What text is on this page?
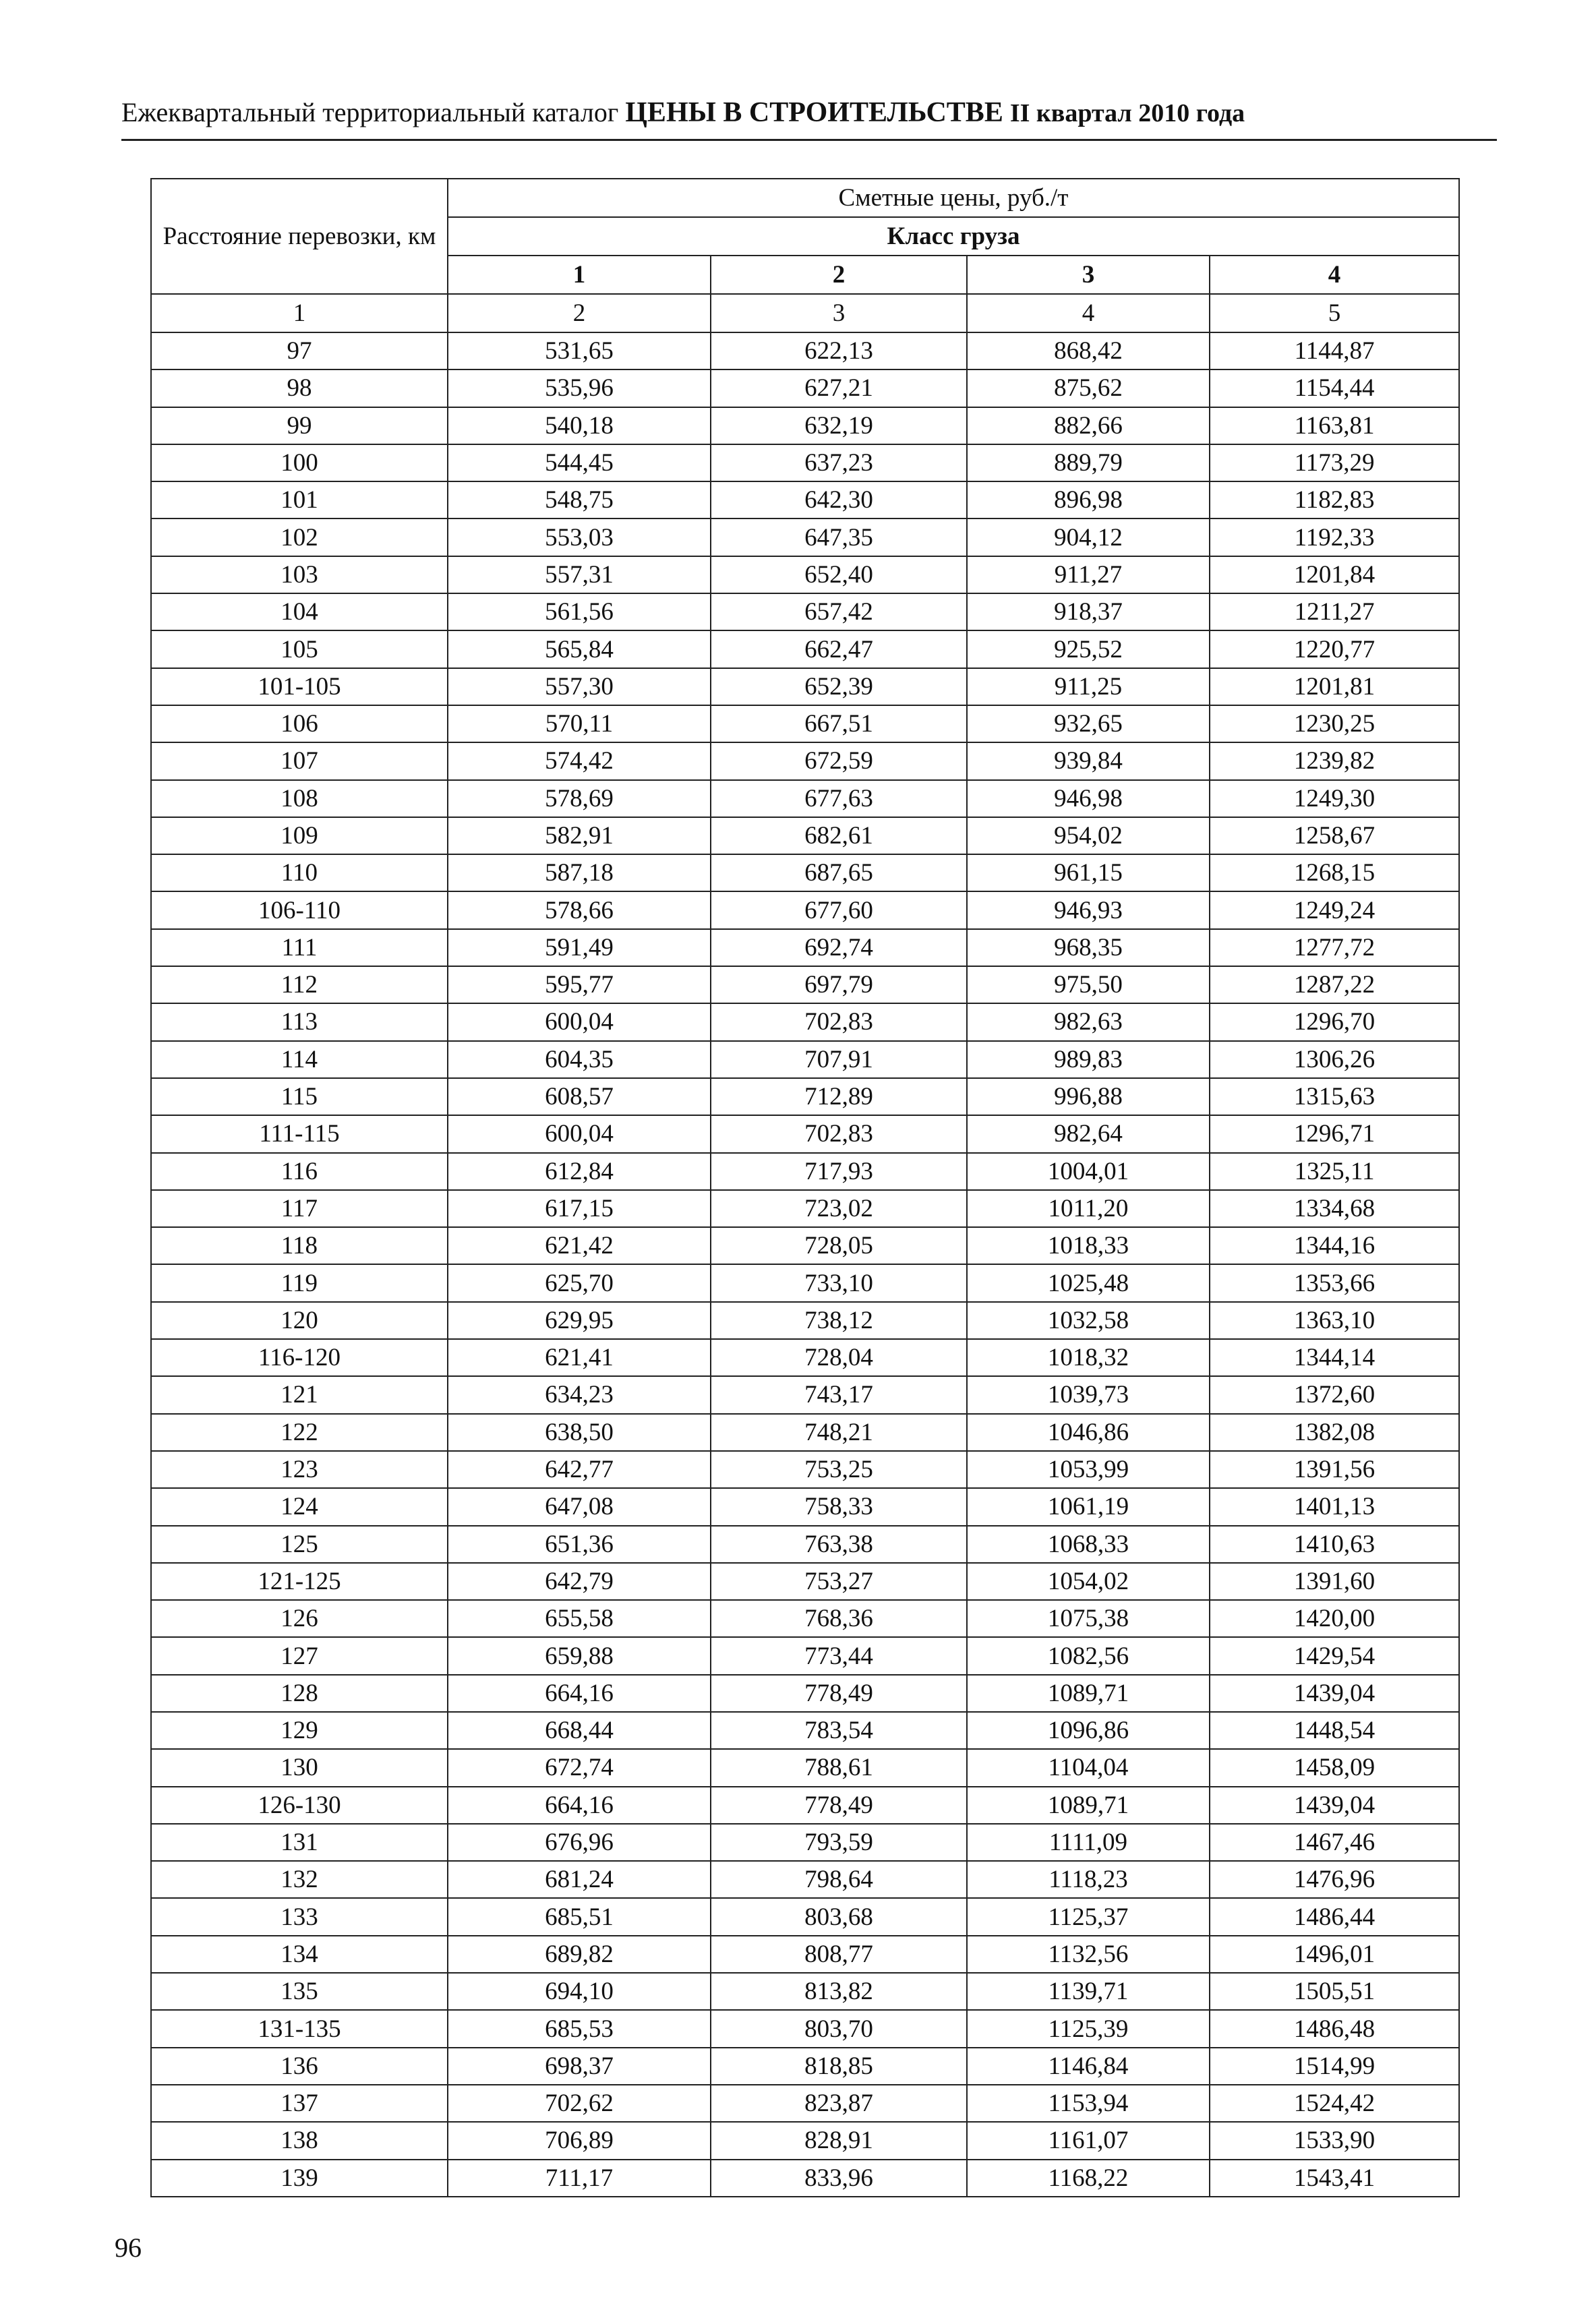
Ежеквартальный территориальный каталог ЦЕНЫ В СТРОИТЕЛЬСТВЕ II квартал 2010 года
Расстояние перевозки, км	Сметные цены, руб./т			
	Класс груза			
	1	2	3	4
1	2	3	4	5
97	531,65	622,13	868,42	1144,87
98	535,96	627,21	875,62	1154,44
99	540,18	632,19	882,66	1163,81
100	544,45	637,23	889,79	1173,29
101	548,75	642,30	896,98	1182,83
102	553,03	647,35	904,12	1192,33
103	557,31	652,40	911,27	1201,84
104	561,56	657,42	918,37	1211,27
105	565,84	662,47	925,52	1220,77
101-105	557,30	652,39	911,25	1201,81
106	570,11	667,51	932,65	1230,25
107	574,42	672,59	939,84	1239,82
108	578,69	677,63	946,98	1249,30
109	582,91	682,61	954,02	1258,67
110	587,18	687,65	961,15	1268,15
106-110	578,66	677,60	946,93	1249,24
111	591,49	692,74	968,35	1277,72
112	595,77	697,79	975,50	1287,22
113	600,04	702,83	982,63	1296,70
114	604,35	707,91	989,83	1306,26
115	608,57	712,89	996,88	1315,63
111-115	600,04	702,83	982,64	1296,71
116	612,84	717,93	1004,01	1325,11
117	617,15	723,02	1011,20	1334,68
118	621,42	728,05	1018,33	1344,16
119	625,70	733,10	1025,48	1353,66
120	629,95	738,12	1032,58	1363,10
116-120	621,41	728,04	1018,32	1344,14
121	634,23	743,17	1039,73	1372,60
122	638,50	748,21	1046,86	1382,08
123	642,77	753,25	1053,99	1391,56
124	647,08	758,33	1061,19	1401,13
125	651,36	763,38	1068,33	1410,63
121-125	642,79	753,27	1054,02	1391,60
126	655,58	768,36	1075,38	1420,00
127	659,88	773,44	1082,56	1429,54
128	664,16	778,49	1089,71	1439,04
129	668,44	783,54	1096,86	1448,54
130	672,74	788,61	1104,04	1458,09
126-130	664,16	778,49	1089,71	1439,04
131	676,96	793,59	1111,09	1467,46
132	681,24	798,64	1118,23	1476,96
133	685,51	803,68	1125,37	1486,44
134	689,82	808,77	1132,56	1496,01
135	694,10	813,82	1139,71	1505,51
131-135	685,53	803,70	1125,39	1486,48
136	698,37	818,85	1146,84	1514,99
137	702,62	823,87	1153,94	1524,42
138	706,89	828,91	1161,07	1533,90
139	711,17	833,96	1168,22	1543,41
96
